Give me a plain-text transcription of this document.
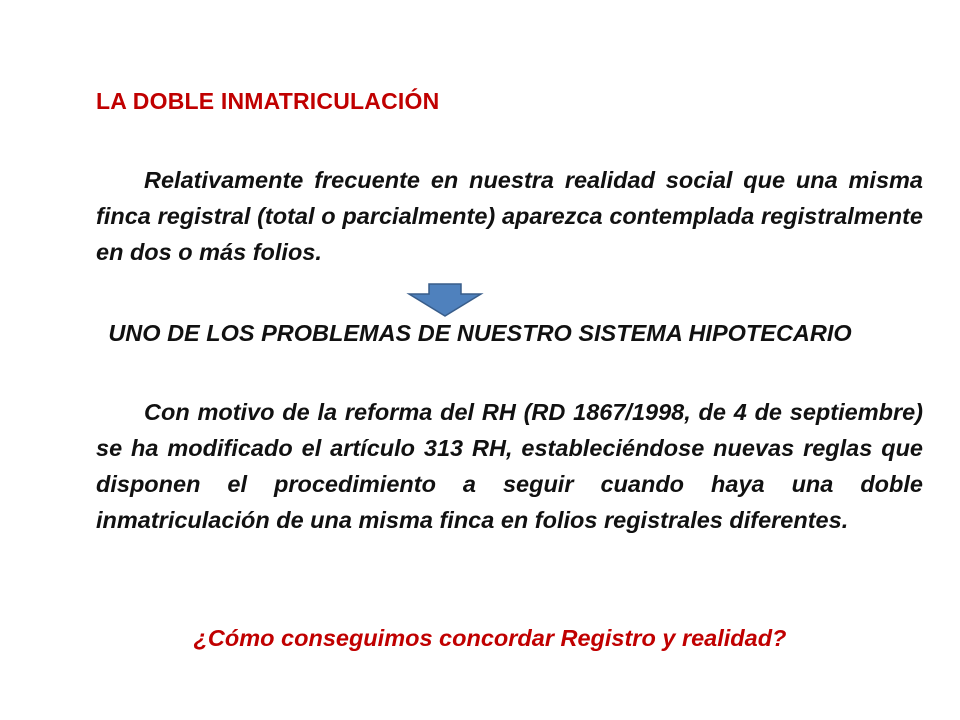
LA DOBLE INMATRICULACIÓN
Relativamente frecuente en nuestra realidad social que una misma finca registral (total o parcialmente) aparezca contemplada registralmente en dos o más folios.
UNO DE LOS PROBLEMAS DE NUESTRO SISTEMA HIPOTECARIO
Con motivo de la reforma del RH (RD 1867/1998, de 4 de septiembre) se ha modificado el artículo 313 RH, estableciéndose nuevas reglas que disponen el procedimiento a seguir cuando haya una doble inmatriculación de una misma finca en folios registrales diferentes.
¿Cómo conseguimos concordar Registro y realidad?
